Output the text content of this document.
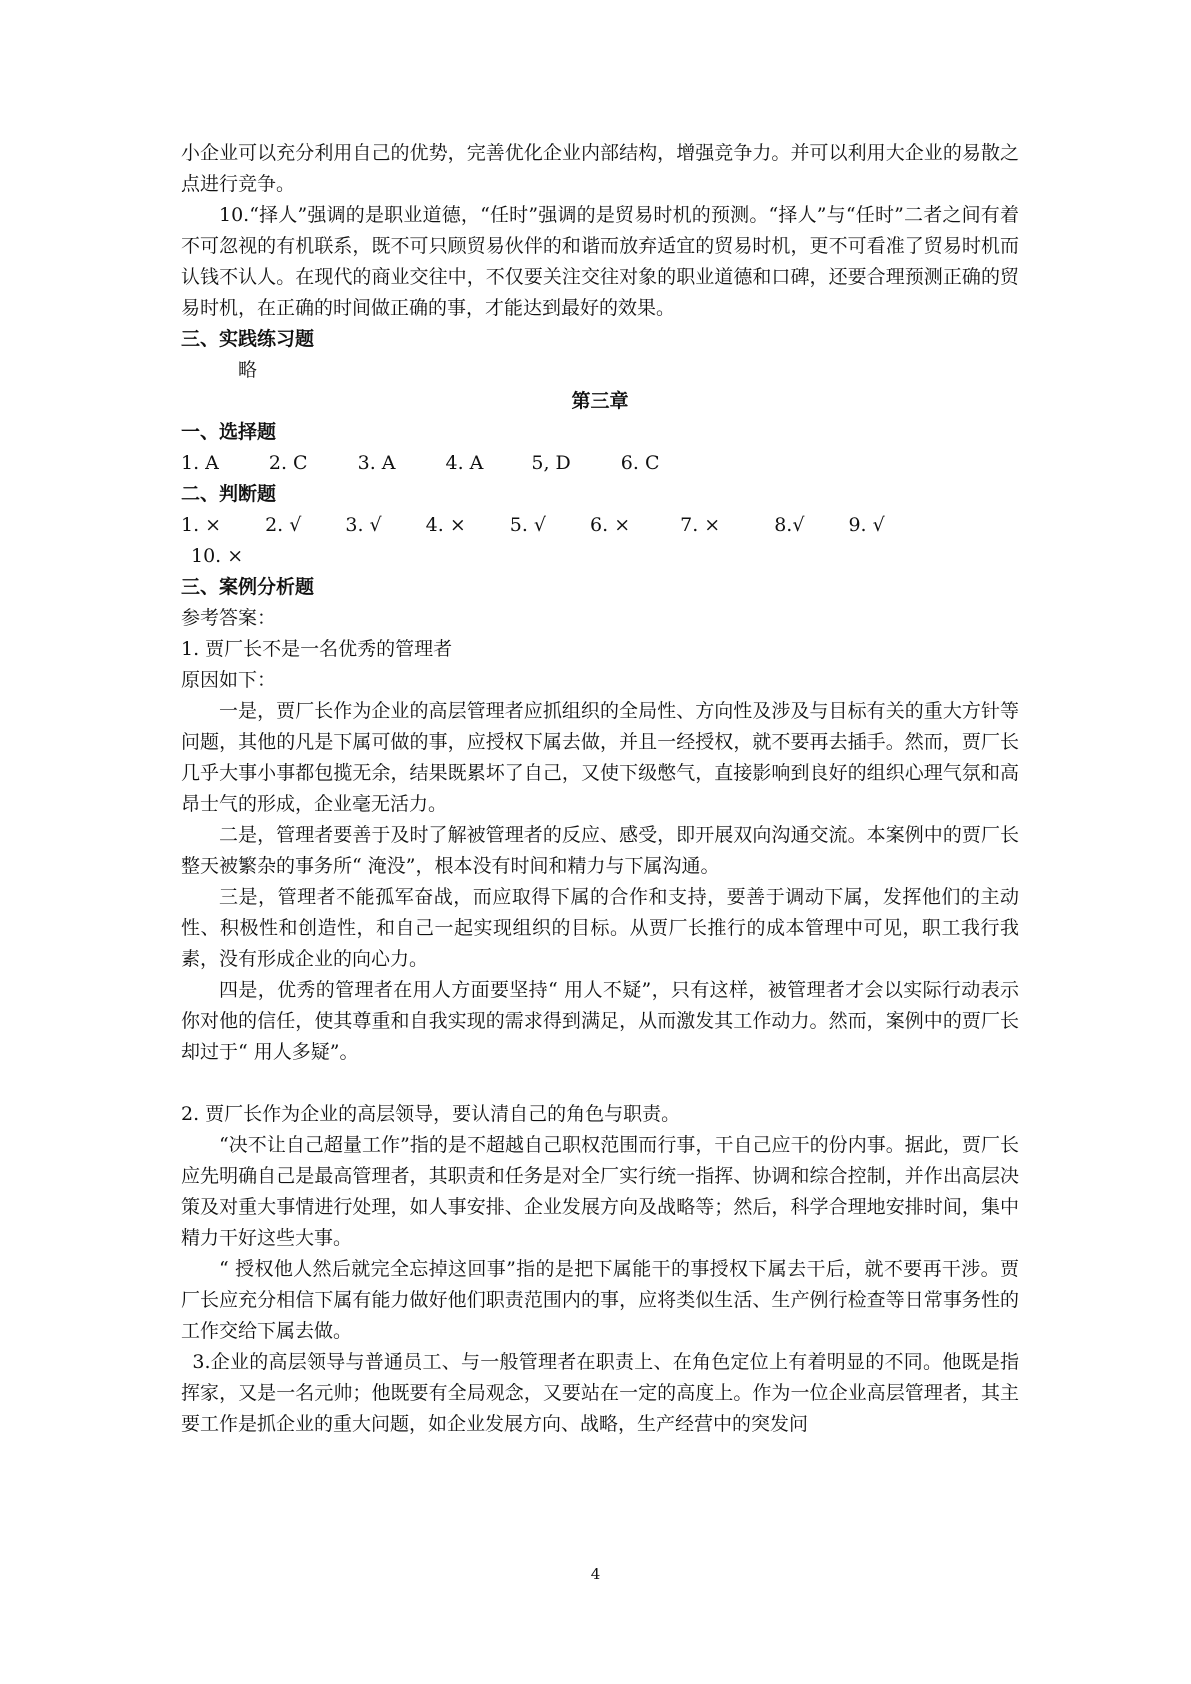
小企业可以充分利用自己的优势，完善优化企业内部结构，增强竞争力。并可以利用大企业的易散之点进行竞争。

10.“择人”强调的是职业道德，“任时”强调的是贸易时机的预测。“择人”与“任时”二者之间有着不可忽视的有机联系，既不可只顾贸易伙伴的和谐而放弃适宜的贸易时机，更不可看准了贸易时机而认钱不认人。在现代的商业交往中，不仅要关注交往对象的职业道德和口碑，还要合理预测正确的贸易时机，在正确的时间做正确的事，才能达到最好的效果。

三、实践练习题

略

第三章

一、选择题

1. A	2. C	3. A	4. A	5, D	6. C

二、判断题

1. × 2. √ 3. √ 4. × 5. √ 6. ×	7. ×	8.√ 9. √

10. ×

三、案例分析题

参考答案：

1. 贾厂长不是一名优秀的管理者

原因如下：

一是，贾厂长作为企业的高层管理者应抓组织的全局性、方向性及涉及与目标有关的重大方针等问题，其他的凡是下属可做的事，应授权下属去做，并且一经授权，就不要再去插手。然而，贾厂长几乎大事小事都包揽无余，结果既累坏了自己，又使下级憋气，直接影响到良好的组织心理气氛和高昂士气的形成，企业毫无活力。

二是，管理者要善于及时了解被管理者的反应、感受，即开展双向沟通交流。本案例中的贾厂长整天被繁杂的事务所“ 淹没”，根本没有时间和精力与下属沟通。

三是，管理者不能孤军奋战，而应取得下属的合作和支持，要善于调动下属，发挥他们的主动性、积极性和创造性，和自己一起实现组织的目标。从贾厂长推行的成本管理中可见，职工我行我素，没有形成企业的向心力。

四是，优秀的管理者在用人方面要坚持“ 用人不疑”，只有这样，被管理者才会以实际行动表示你对他的信任，使其尊重和自我实现的需求得到满足，从而激发其工作动力。然而，案例中的贾厂长却过于“ 用人多疑”。

2. 贾厂长作为企业的高层领导，要认清自己的角色与职责。

“决不让自己超量工作”指的是不超越自己职权范围而行事，干自己应干的份内事。据此，贾厂长应先明确自己是最高管理者，其职责和任务是对全厂实行统一指挥、协调和综合控制，并作出高层决策及对重大事情进行处理，如人事安排、企业发展方向及战略等；然后，科学合理地安排时间，集中精力干好这些大事。

“ 授权他人然后就完全忘掉这回事”指的是把下属能干的事授权下属去干后，就不要再干涉。贾厂长应充分相信下属有能力做好他们职责范围内的事，应将类似生活、生产例行检查等日常事务性的工作交给下属去做。

3.企业的高层领导与普通员工、与一般管理者在职责上、在角色定位上有着明显的不同。他既是指挥家，又是一名元帅；他既要有全局观念，又要站在一定的高度上。作为一位企业高层管理者，其主要工作是抓企业的重大问题，如企业发展方向、战略，生产经营中的突发问

4
